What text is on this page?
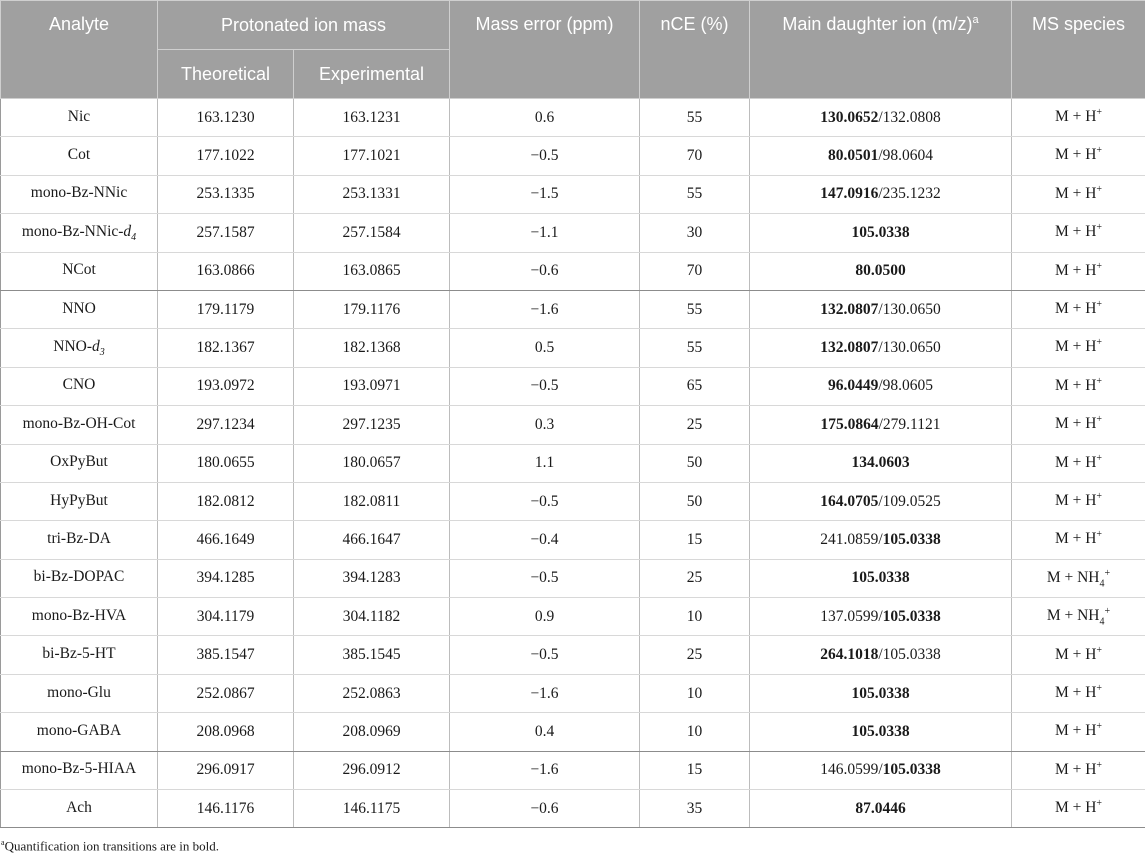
Analyte	Protonated ion mass		Mass error (ppm)	nCE (%)	Main daughter ion $(m/z)^a$	MS species
	Theoretical	Experimental				
Nic	163.1230	163.1231	0.6	55	130.0652/132.0808	M + H+
Cot	177.1022	177.1021	−0.5	70	80.0501/98.0604	M + H+
mono-Bz-NNic	253.1335	253.1331	−1.5	55	147.0916/235.1232	M + H+
mono-$Bz-NNic-d_4$	257.1587	257.1584	−1.1	30	105.0338	M + H+
NCot	163.0866	163.0865	−0.6	70	80.0500	M + H+
NNO	179.1179	179.1176	−1.6	55	132.0807/130.0650	M + H+
NNO-$d_3$	182.1367	182.1368	0.5	55	132.0807/130.0650	M + H+
CNO	193.0972	193.0971	−0.5	65	96.0449/98.0605	M + H+
mono-Bz-OH-Cot	297.1234	297.1235	0.3	25	175.0864/279.1121	M + H+
OxPyBut	180.0655	180.0657	1.1	50	134.0603	M + H+
HyPyBut	182.0812	182.0811	−0.5	50	164.0705/109.0525	M + H+
tri-Bz-DA	466.1649	466.1647	−0.4	15	241.0859/105.0338	M + H+
bi-Bz-DOPAC	394.1285	394.1283	−0.5	25	105.0338	$M + NH_4^+$
mono-Bz-HVA	304.1179	304.1182	0.9	10	137.0599/105.0338	$M + NH_4^+$
bi-Bz-5-HT	385.1547	385.1545	−0.5	25	264.1018/105.0338	M + H+
mono-Glu	252.0867	252.0863	−1.6	10	105.0338	M + H+
mono-GABA	208.0968	208.0969	0.4	10	105.0338	M + H+
mono-Bz-5-HIAA	296.0917	296.0912	−1.6	15	146.0599/105.0338	M + H+
Ach	146.1176	146.1175	−0.6	35	87.0446	M + H+
$^a$Quantification ion transitions are in bold.
